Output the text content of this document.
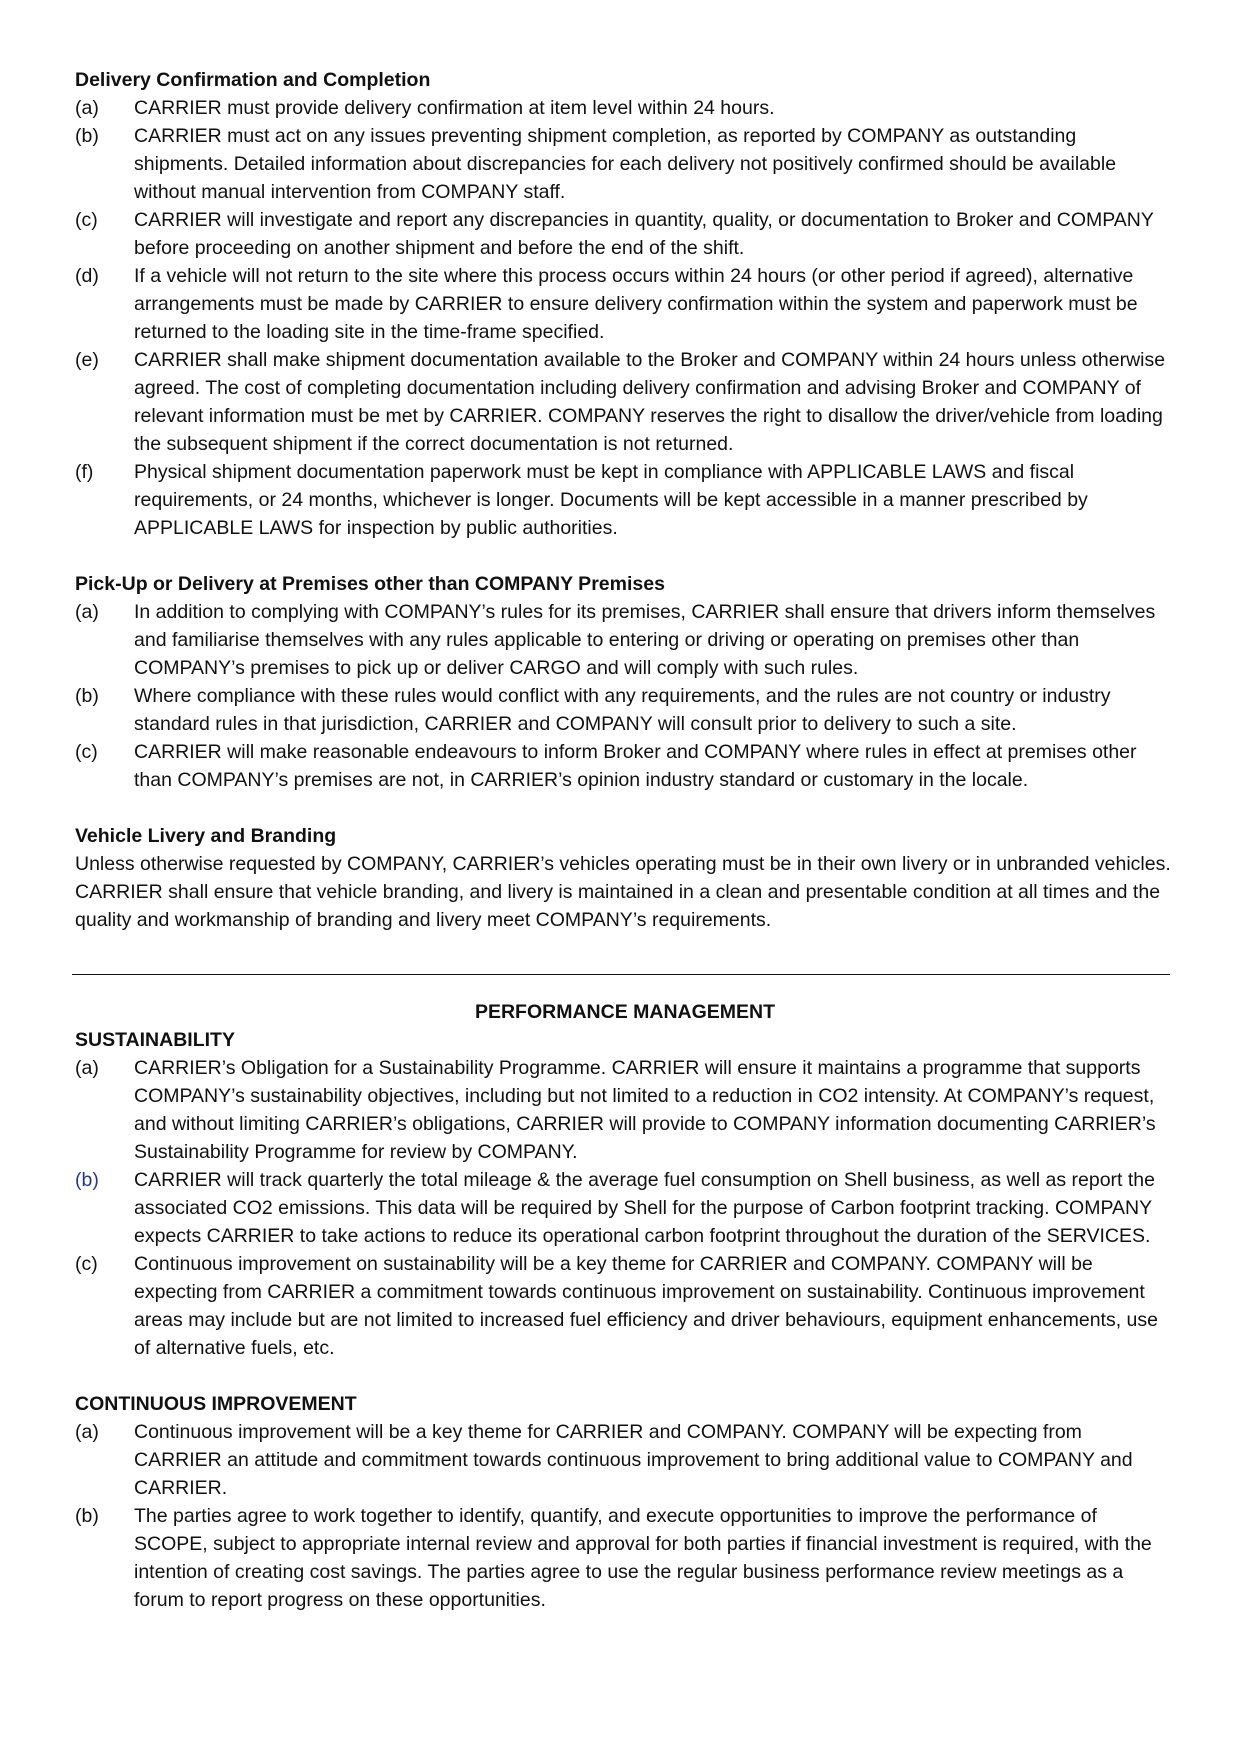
Delivery Confirmation and Completion
(a) CARRIER must provide delivery confirmation at item level within 24 hours.
(b) CARRIER must act on any issues preventing shipment completion, as reported by COMPANY as outstanding shipments. Detailed information about discrepancies for each delivery not positively confirmed should be available without manual intervention from COMPANY staff.
(c) CARRIER will investigate and report any discrepancies in quantity, quality, or documentation to Broker and COMPANY before proceeding on another shipment and before the end of the shift.
(d) If a vehicle will not return to the site where this process occurs within 24 hours (or other period if agreed), alternative arrangements must be made by CARRIER to ensure delivery confirmation within the system and paperwork must be returned to the loading site in the time-frame specified.
(e) CARRIER shall make shipment documentation available to the Broker and COMPANY within 24 hours unless otherwise agreed. The cost of completing documentation including delivery confirmation and advising Broker and COMPANY of relevant information must be met by CARRIER. COMPANY reserves the right to disallow the driver/vehicle from loading the subsequent shipment if the correct documentation is not returned.
(f) Physical shipment documentation paperwork must be kept in compliance with APPLICABLE LAWS and fiscal requirements, or 24 months, whichever is longer. Documents will be kept accessible in a manner prescribed by APPLICABLE LAWS for inspection by public authorities.
Pick-Up or Delivery at Premises other than COMPANY Premises
(a) In addition to complying with COMPANY’s rules for its premises, CARRIER shall ensure that drivers inform themselves and familiarise themselves with any rules applicable to entering or driving or operating on premises other than COMPANY’s premises to pick up or deliver CARGO and will comply with such rules.
(b) Where compliance with these rules would conflict with any requirements, and the rules are not country or industry standard rules in that jurisdiction, CARRIER and COMPANY will consult prior to delivery to such a site.
(c) CARRIER will make reasonable endeavours to inform Broker and COMPANY where rules in effect at premises other than COMPANY’s premises are not, in CARRIER’s opinion industry standard or customary in the locale.
Vehicle Livery and Branding
Unless otherwise requested by COMPANY, CARRIER’s vehicles operating must be in their own livery or in unbranded vehicles. CARRIER shall ensure that vehicle branding, and livery is maintained in a clean and presentable condition at all times and the quality and workmanship of branding and livery meet COMPANY’s requirements.
PERFORMANCE MANAGEMENT
SUSTAINABILITY
(a) CARRIER’s Obligation for a Sustainability Programme. CARRIER will ensure it maintains a programme that supports COMPANY’s sustainability objectives, including but not limited to a reduction in CO2 intensity. At COMPANY’s request, and without limiting CARRIER’s obligations, CARRIER will provide to COMPANY information documenting CARRIER’s Sustainability Programme for review by COMPANY.
(b) CARRIER will track quarterly the total mileage & the average fuel consumption on Shell business, as well as report the associated CO2 emissions. This data will be required by Shell for the purpose of Carbon footprint tracking. COMPANY expects CARRIER to take actions to reduce its operational carbon footprint throughout the duration of the SERVICES.
(c) Continuous improvement on sustainability will be a key theme for CARRIER and COMPANY. COMPANY will be expecting from CARRIER a commitment towards continuous improvement on sustainability. Continuous improvement areas may include but are not limited to increased fuel efficiency and driver behaviours, equipment enhancements, use of alternative fuels, etc.
CONTINUOUS IMPROVEMENT
(a) Continuous improvement will be a key theme for CARRIER and COMPANY. COMPANY will be expecting from CARRIER an attitude and commitment towards continuous improvement to bring additional value to COMPANY and CARRIER.
(b) The parties agree to work together to identify, quantify, and execute opportunities to improve the performance of SCOPE, subject to appropriate internal review and approval for both parties if financial investment is required, with the intention of creating cost savings. The parties agree to use the regular business performance review meetings as a forum to report progress on these opportunities.
